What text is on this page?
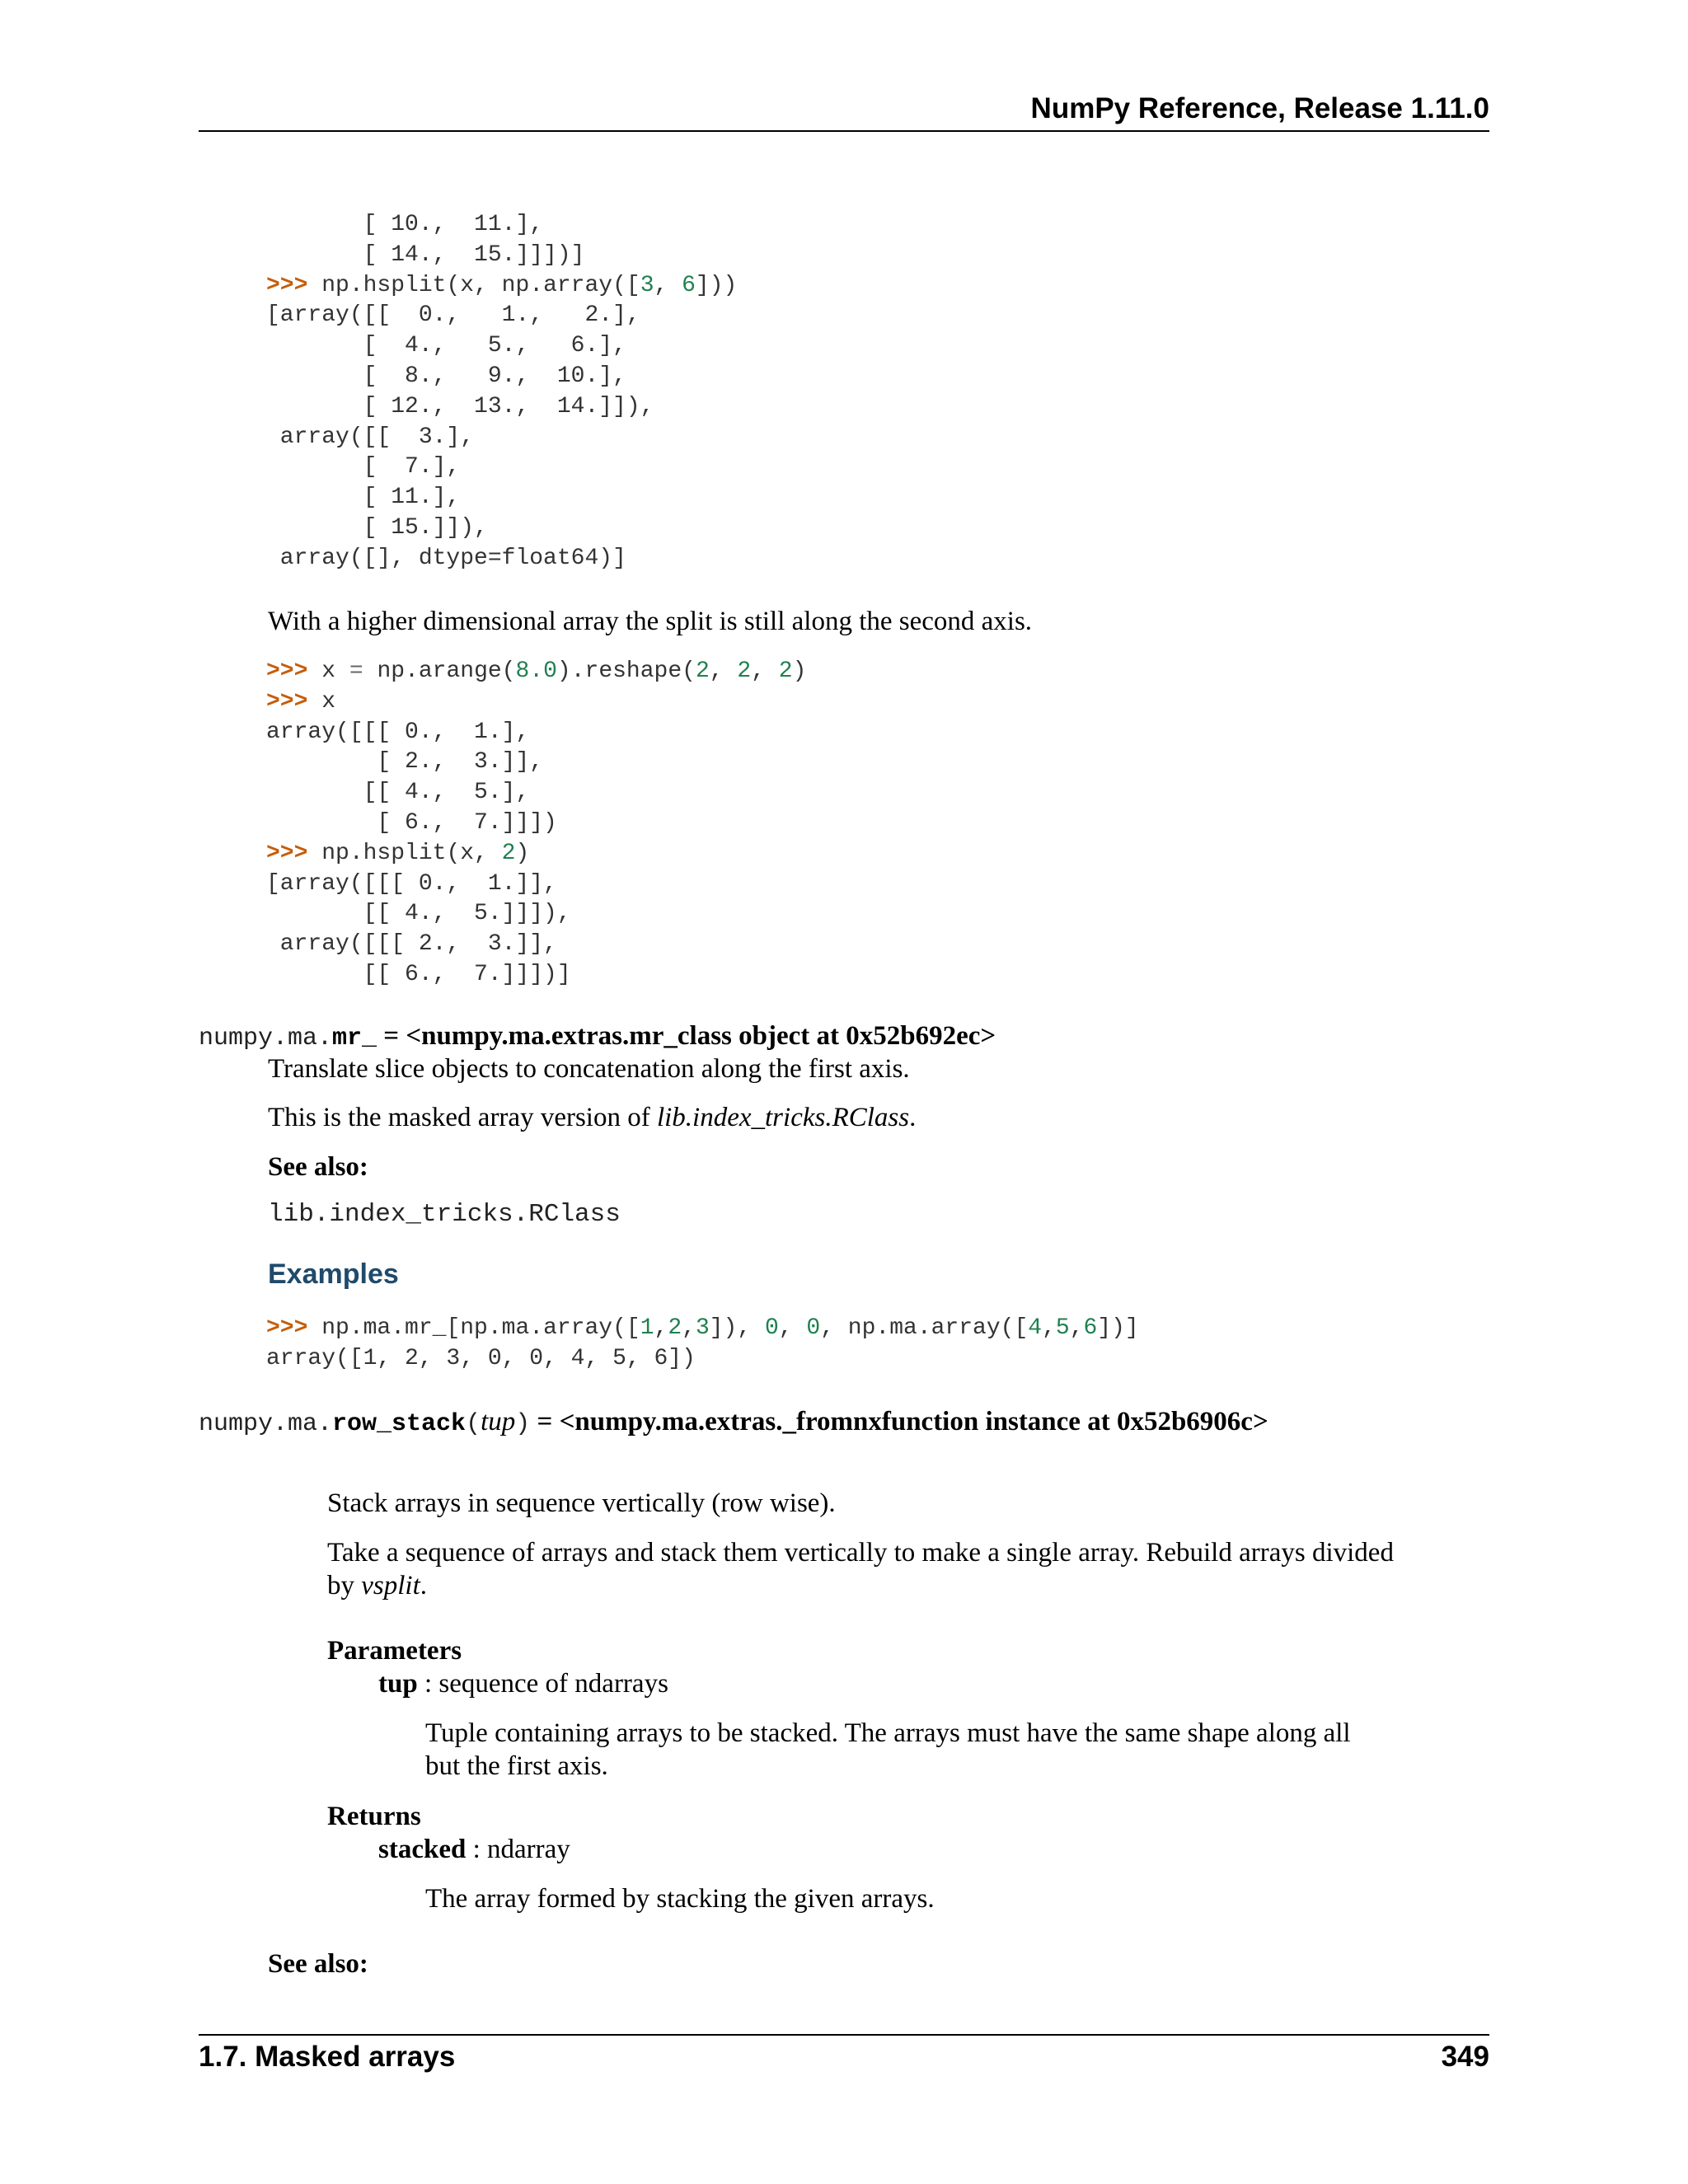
NumPy Reference, Release 1.11.0
[ 10.,  11.],
[ 14.,  15.]]])]
>>> np.hsplit(x, np.array([3, 6]))
[array([[  0.,   1.,   2.],
[  4.,   5.,   6.],
[  8.,   9.,  10.],
[ 12.,  13.,  14.]]),
array([[  3.],
[  7.],
[ 11.],
[ 15.]]),
array([], dtype=float64)]
With a higher dimensional array the split is still along the second axis.
>>> x = np.arange(8.0).reshape(2, 2, 2)
>>> x
array([[[ 0.,  1.],
[ 2.,  3.]],
[[ 4.,  5.],
[ 6.,  7.]]])
>>> np.hsplit(x, 2)
[array([[[ 0.,  1.]],
[[ 4.,  5.]]]),
array([[[ 2.,  3.]],
[[ 6.,  7.]]])]
numpy.ma.mr_ = <numpy.ma.extras.mr_class object at 0x52b692ec>
Translate slice objects to concatenation along the first axis.
This is the masked array version of lib.index_tricks.RClass.
See also:
lib.index_tricks.RClass
Examples
>>> np.ma.mr_[np.ma.array([1,2,3]), 0, 0, np.ma.array([4,5,6])]
array([1, 2, 3, 0, 0, 4, 5, 6])
numpy.ma.row_stack(tup) = <numpy.ma.extras._fromnxfunction instance at 0x52b6906c>
Stack arrays in sequence vertically (row wise).
Take a sequence of arrays and stack them vertically to make a single array. Rebuild arrays divided
by vsplit.
Parameters
tup : sequence of ndarrays
Tuple containing arrays to be stacked. The arrays must have the same shape along all
but the first axis.
Returns
stacked : ndarray
The array formed by stacking the given arrays.
See also:
1.7. Masked arrays	349
